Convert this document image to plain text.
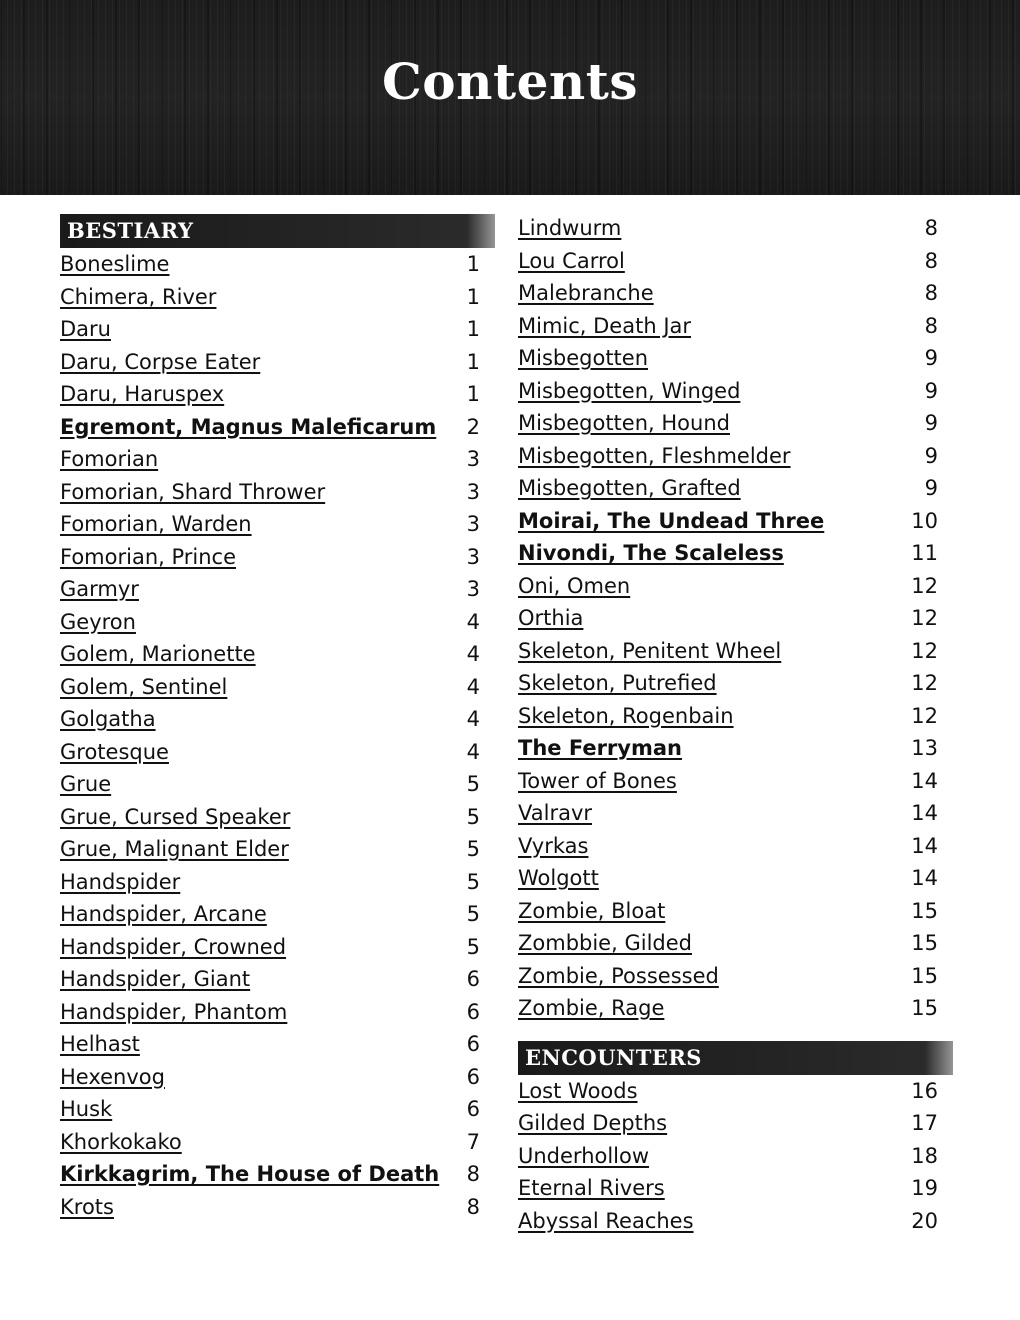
Contents
BESTIARY
Boneslime	1
Chimera, River	1
Daru	1
Daru, Corpse Eater	1
Daru, Haruspex	1
Egremont, Magnus Maleficarum 2
Fomorian	3
Fomorian, Shard Thrower	3
Fomorian, Warden	3
Fomorian, Prince	3
Garmyr	3
Geyron	4
Golem, Marionette	4
Golem, Sentinel	4
Golgatha	4
Grotesque	4
Grue	5
Grue, Cursed Speaker	5
Grue, Malignant Elder	5
Handspider	5
Handspider, Arcane	5
Handspider, Crowned	5
Handspider, Giant	6
Handspider, Phantom	6
Helhast	6
Hexenvog	6
Husk	6
Khorkokako	7
Kirkkagrim, The House of Death 8
Krots	8
Lindwurm	8
Lou Carrol	8
Malebranche	8
Mimic, Death Jar	8
Misbegotten	9
Misbegotten, Winged	9
Misbegotten, Hound	9
Misbegotten, Fleshmelder	9
Misbegotten, Grafted	9
Moirai, The Undead Three	10
Nivondi, The Scaleless	11
Oni, Omen	12
Orthia	12
Skeleton, Penitent Wheel	12
Skeleton, Putrefied	12
Skeleton, Rogenbain	12
The Ferryman	13
Tower of Bones	14
Valravr	14
Vyrkas	14
Wolgott	14
Zombie, Bloat	15
Zombbie, Gilded	15
Zombie, Possessed	15
Zombie, Rage	15
ENCOUNTERS
Lost Woods	16
Gilded Depths	17
Underhollow	18
Eternal Rivers	19
Abyssal Reaches	20
